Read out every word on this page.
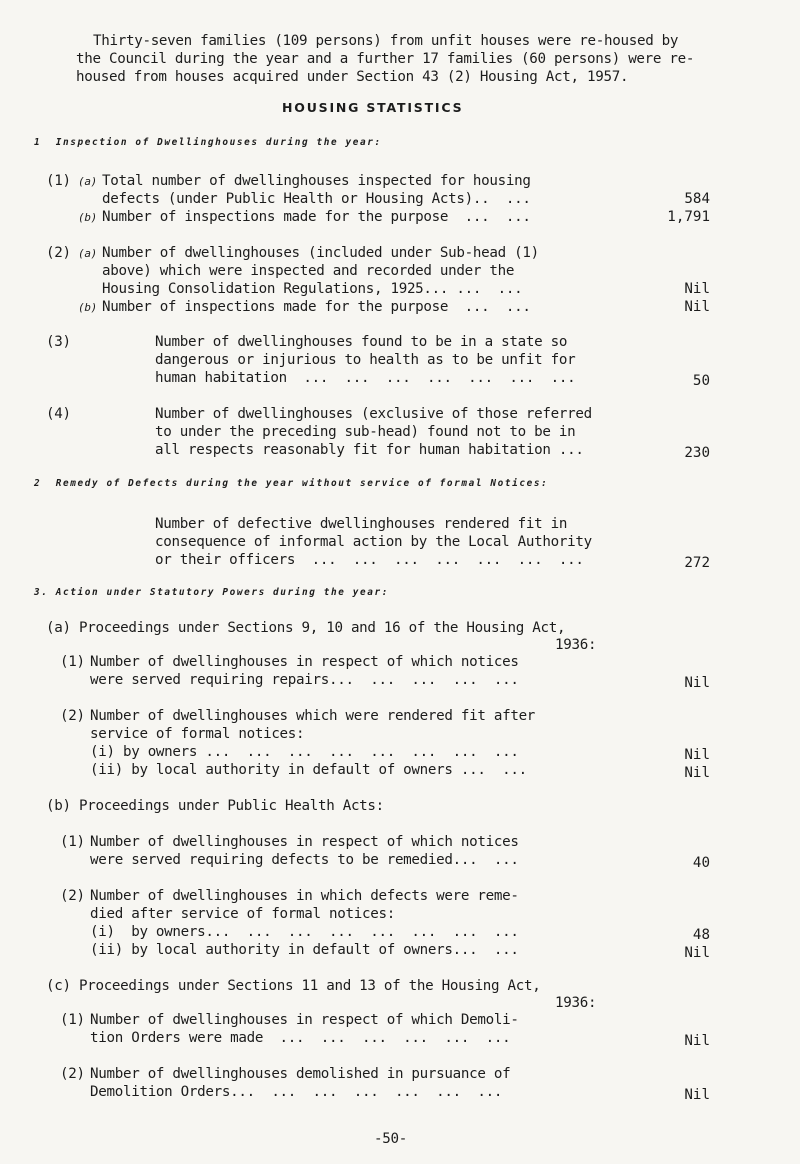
Thirty-seven families (109 persons) from unfit houses were re-housed by
the Council during the year and a further 17 families (60 persons) were re-
housed from houses acquired under Section 43 (2) Housing Act, 1957.
HOUSING STATISTICS
1  Inspection of Dwellinghouses during the year:
(1) (a) Total number of dwellinghouses inspected for housing
defects (under Public Health or Housing Acts)..  ...	584
(b) Number of inspections made for the purpose  ...  ...	1,791
(2) (a) Number of dwellinghouses (included under Sub-head (1)
above) which were inspected and recorded under the
Housing Consolidation Regulations, 1925... ...  ...	Nil
(b) Number of inspections made for the purpose  ...  ...	Nil
(3)	Number of dwellinghouses found to be in a state so
dangerous or injurious to health as to be unfit for
human habitation  ...  ...  ...  ...  ...  ...  ...	50
(4)	Number of dwellinghouses (exclusive of those referred
to under the preceding sub-head) found not to be in
all respects reasonably fit for human habitation ...	230
2  Remedy of Defects during the year without service of formal Notices:
Number of defective dwellinghouses rendered fit in
consequence of informal action by the Local Authority
or their officers  ...  ...  ...  ...  ...  ...  ...	272
3. Action under Statutory Powers during the year:
(a) Proceedings under Sections 9, 10 and 16 of the Housing Act,
1936:
(1) Number of dwellinghouses in respect of which notices
were served requiring repairs...  ...  ...  ...  ...	Nil
(2) Number of dwellinghouses which were rendered fit after
service of formal notices:
(i) by owners ...  ...  ...  ...  ...  ...  ...  ...	Nil
(ii) by local authority in default of owners ...  ...	Nil
(b) Proceedings under Public Health Acts:
(1) Number of dwellinghouses in respect of which notices
were served requiring defects to be remedied...  ...	40
(2) Number of dwellinghouses in which defects were reme-
died after service of formal notices:
(i)  by owners...  ...  ...  ...  ...  ...  ...  ...	48
(ii) by local authority in default of owners...  ...	Nil
(c) Proceedings under Sections 11 and 13 of the Housing Act,
1936:
(1) Number of dwellinghouses in respect of which Demoli-
tion Orders were made  ...  ...  ...  ...  ...  ...	Nil
(2) Number of dwellinghouses demolished in pursuance of
Demolition Orders...  ...  ...  ...  ...  ...  ...	Nil
-50-
